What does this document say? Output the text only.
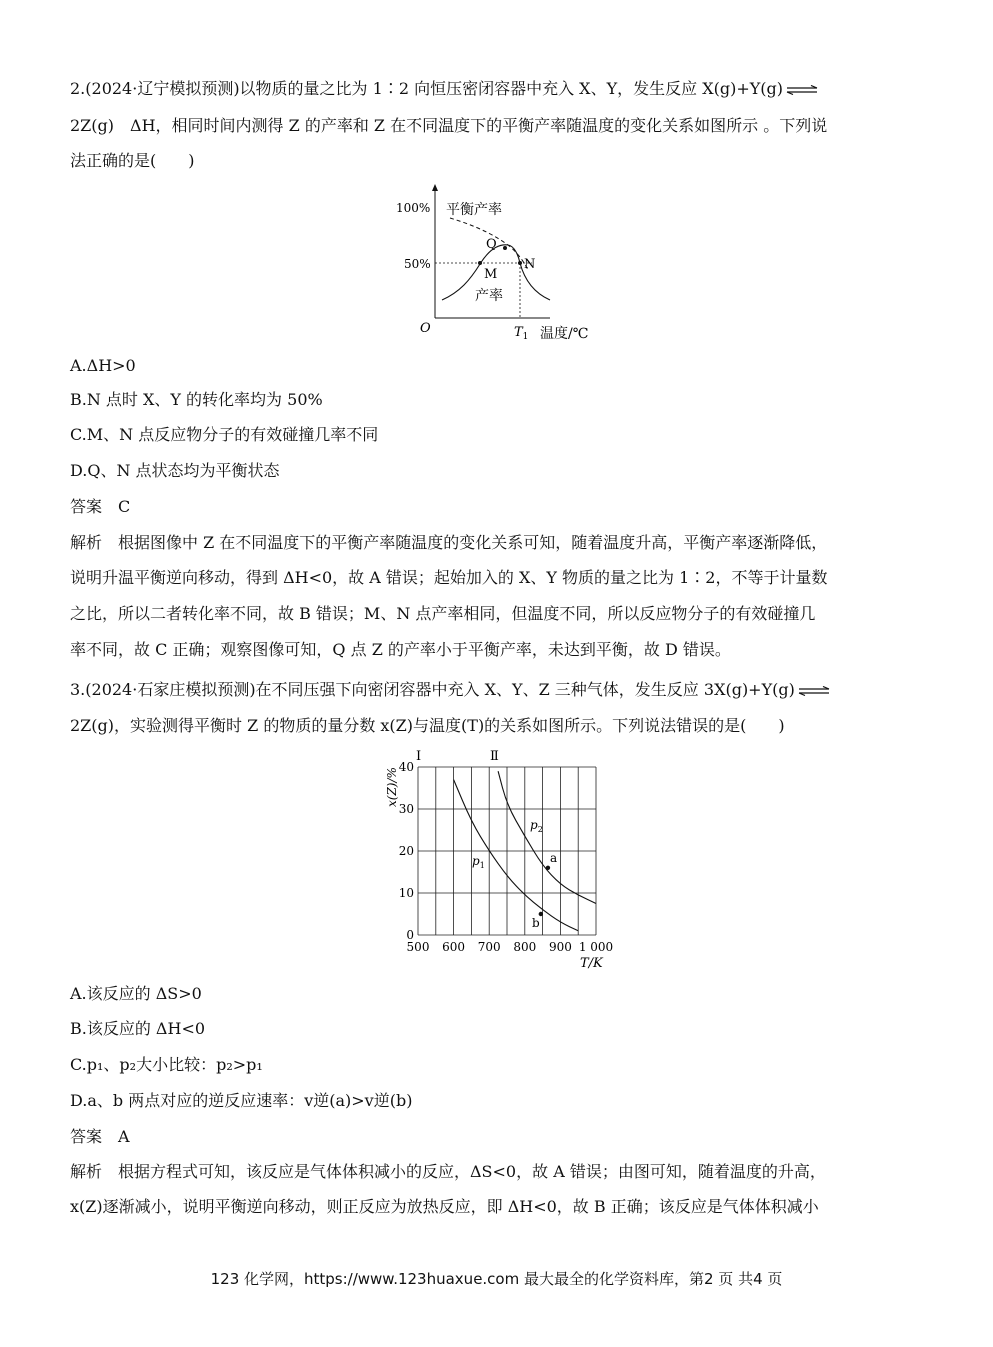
2.(2024·辽宁模拟预测)以物质的量之比为 1∶2 向恒压密闭容器中充入 X、Y，发生反应 X(g)+Y(g) ⇌
2Z(g)　ΔH，相同时间内测得 Z 的产率和 Z 在不同温度下的平衡产率随温度的变化关系如图所示 。下列说
法正确的是(　　)
100%
50%
平衡产率
Q
M
N
产率
O	$T_1$ 温度/℃
A.ΔH>0
B.N 点时 X、Y 的转化率均为 50%
C.M、N 点反应物分子的有效碰撞几率不同
D.Q、N 点状态均为平衡状态
答案　C
解析　根据图像中 Z 在不同温度下的平衡产率随温度的变化关系可知，随着温度升高，平衡产率逐渐降低，
说明升温平衡逆向移动，得到 ΔH<0，故 A 错误；起始加入的 X、Y 物质的量之比为 1∶2，不等于计量数
之比，所以二者转化率不同，故 B 错误；M、N 点产率相同，但温度不同，所以反应物分子的有效碰撞几
率不同，故 C 正确；观察图像可知，Q 点 Z 的产率小于平衡产率，未达到平衡，故 D 错误。
3.(2024·石家庄模拟预测)在不同压强下向密闭容器中充入 X、Y、Z 三种气体，发生反应 3X(g)+Y(g) ⇌
2Z(g)，实验测得平衡时 Z 的物质的量分数 x(Z)与温度(T)的关系如图所示。下列说法错误的是(　　)
x(Z)/%
T/K
I	Ⅱ
$p_1$
$p_2$
a
b
500 600 700 800 900 1 000
0
10
20
30
40
A.该反应的 ΔS>0
B.该反应的 ΔH<0
C.p₁、p₂大小比较：p₂>p₁
D.a、b 两点对应的逆反应速率：v逆(a)>v逆(b)
答案　A
解析　根据方程式可知，该反应是气体体积减小的反应，ΔS<0，故 A 错误；由图可知，随着温度的升高，
x(Z)逐渐减小，说明平衡逆向移动，则正反应为放热反应，即 ΔH<0，故 B 正确；该反应是气体体积减小
123 化学网，https://www.123huaxue.com 最大最全的化学资料库，第2 页 共4 页
